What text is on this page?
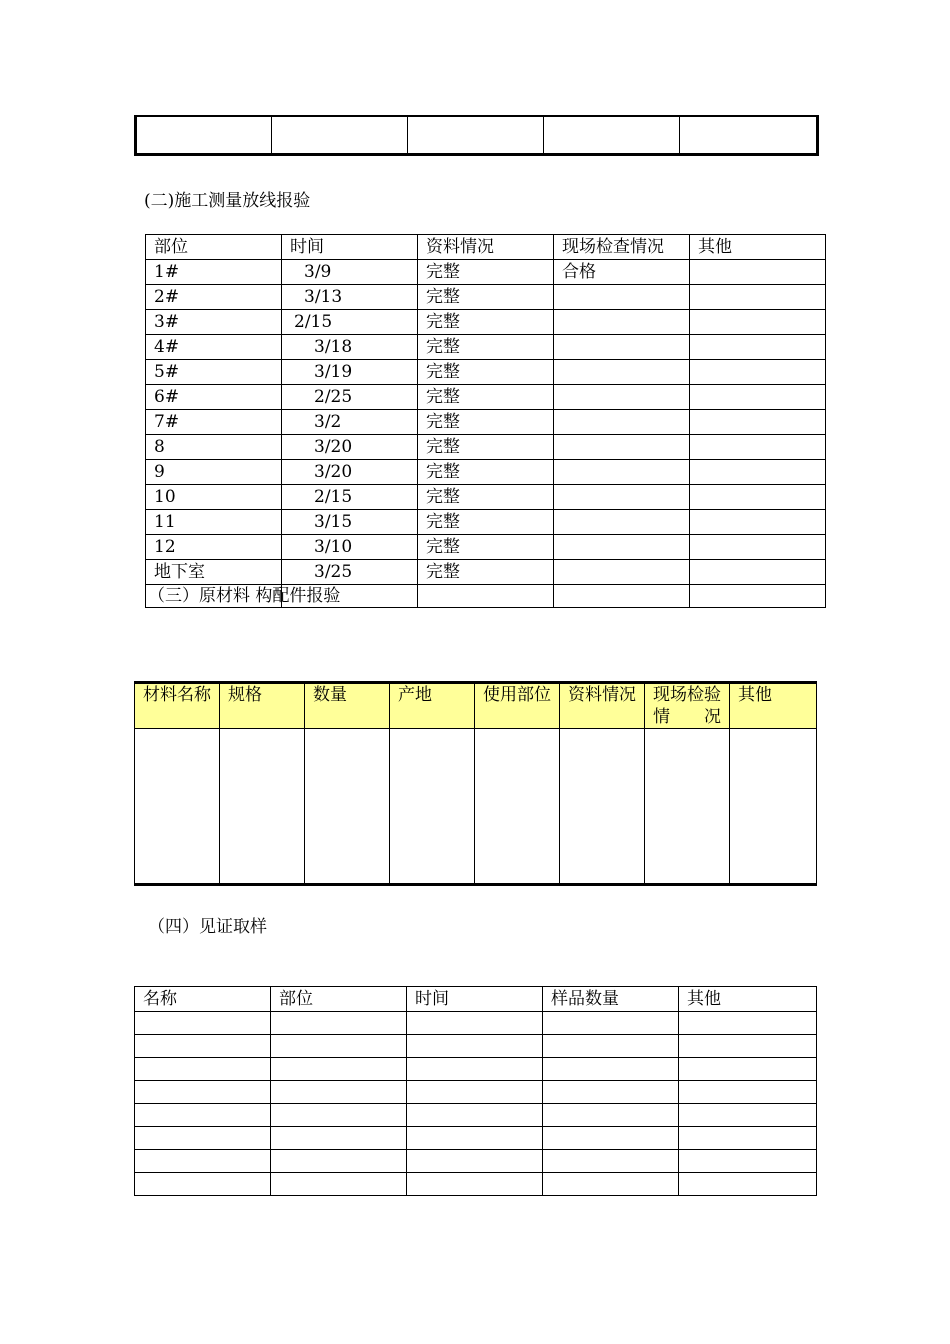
(二)施工测量放线报验
部位	时间	资料情况	现场检查情况	其他
1#	3/9	完整	合格	
2#	3/13	完整		
3#	2/15	完整		
4#	3/18	完整		
5#	3/19	完整		
6#	2/25	完整		
7#	3/2	完整		
8	3/20	完整		
9	3/20	完整		
10	2/15	完整		
11	3/15	完整		
12	3/10	完整		
地下室	3/25	完整		

（三）原材料 构配件报验
材料名称	规格	数量	产地	使用部位	资料情况	现场检验情况	其他

（四）见证取样
名称	部位	时间	样品数量	其他
